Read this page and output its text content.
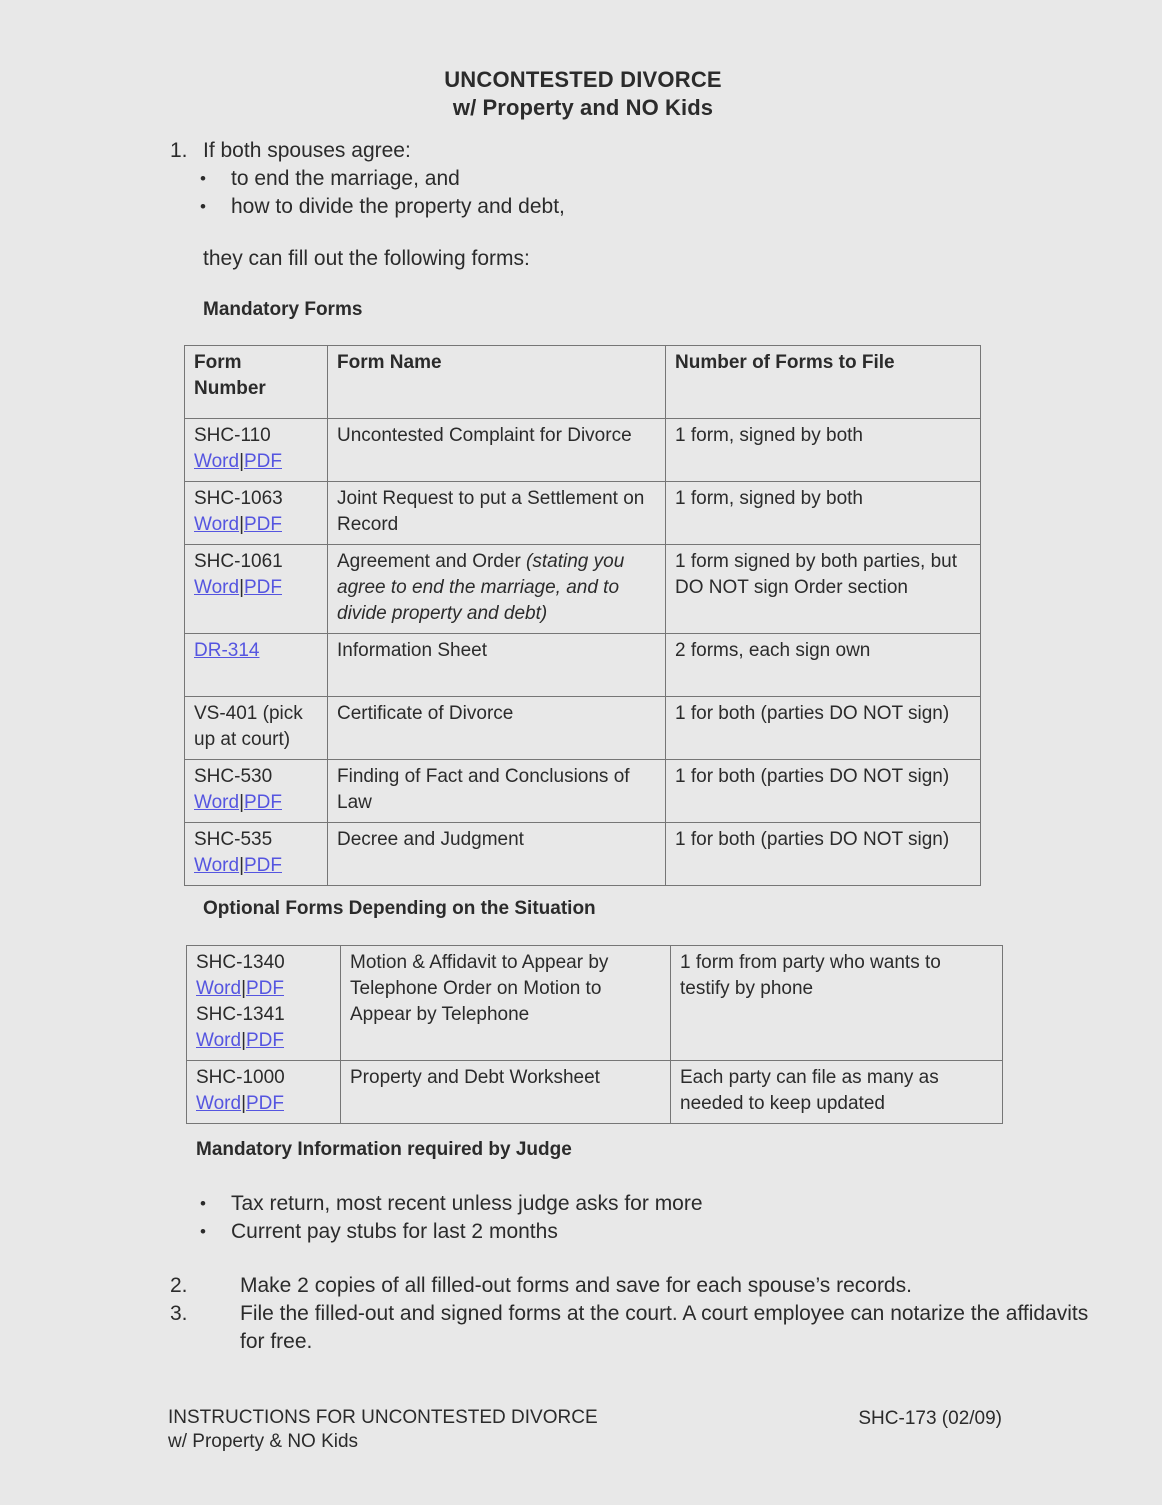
UNCONTESTED DIVORCE
w/ Property and NO Kids
1. If both spouses agree:
•	to end the marriage, and
•	how to divide the property and debt,
they can fill out the following forms:
Mandatory Forms
Form
Number	Form Name	Number of Forms to File
SHC-110
Word|PDF	Uncontested Complaint for Divorce	1 form, signed by both
SHC-1063
Word|PDF	Joint Request to put a Settlement on Record	1 form, signed by both
SHC-1061
Word|PDF	Agreement and Order (stating you agree to end the marriage, and to divide property and debt)	1 form signed by both parties, but DO NOT sign Order section
DR-314	Information Sheet	2 forms, each sign own
VS-401 (pick up at court)	Certificate of Divorce	1 for both (parties DO NOT sign)
SHC-530
Word|PDF	Finding of Fact and Conclusions of Law	1 for both (parties DO NOT sign)
SHC-535
Word|PDF	Decree and Judgment	1 for both (parties DO NOT sign)
Optional Forms Depending on the Situation
SHC-1340
Word|PDF
SHC-1341
Word|PDF	Motion & Affidavit to Appear by Telephone Order on Motion to Appear by Telephone	1 form from party who wants to testify by phone
SHC-1000
Word|PDF	Property and Debt Worksheet	Each party can file as many as needed to keep updated
Mandatory Information required by Judge
•	Tax return, most recent unless judge asks for more
•	Current pay stubs for last 2 months
2.	Make 2 copies of all filled-out forms and save for each spouse’s records.
3.	File the filled-out and signed forms at the court. A court employee can notarize the affidavits for free.
INSTRUCTIONS FOR UNCONTESTED DIVORCE
w/ Property & NO Kids
SHC-173 (02/09)
